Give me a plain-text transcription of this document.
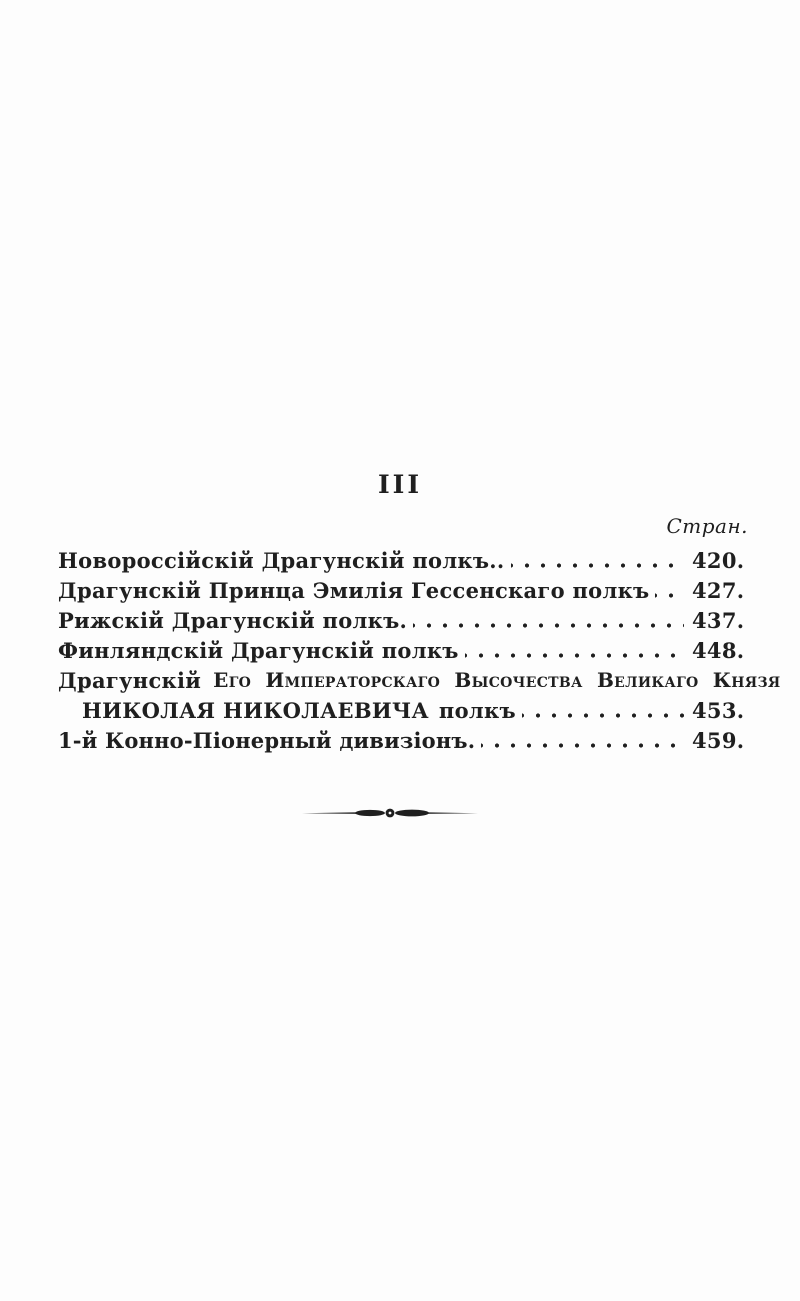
III
Стран.
Новороссійскій Драгунскій полкъ..	420.
Драгунскій Принца Эмилія Гессенскаго полкъ 427.
Рижскій Драгунскій полкъ.	437.
Финляндскій Драгунскій полкъ	448.
Драгунскій Его Императорскаго Высочества Великаго Князя
НИКОЛАЯ НИКОЛАЕВИЧА полкъ	453.
1-й Конно-Піонерный дивизіонъ.	459.
